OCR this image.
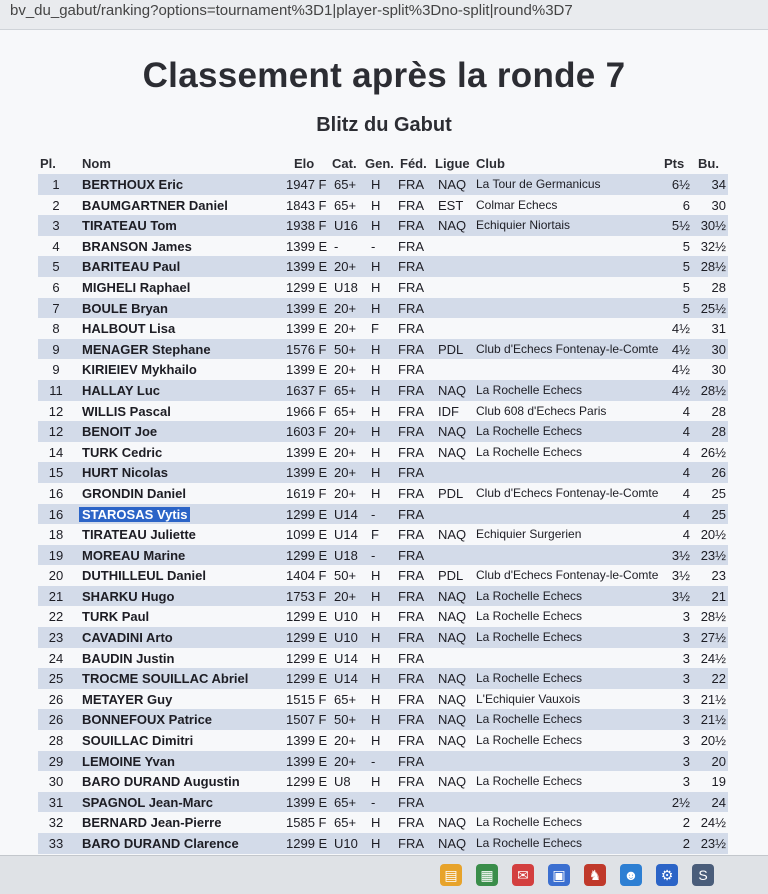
bv_du_gabut/ranking?options=tournament%3D1|player-split%3Dno-split|round%3D7
Classement après la ronde 7
Blitz du Gabut
Pl. Nom	Elo Cat. Gen. Féd. Ligue Club	Pts Bu.
1	BERTHOUX Eric	1947 F 65+ H FRA NAQ La Tour de Germanicus	6½	34
2	BAUMGARTNER Daniel	1843 F 65+ H FRA EST Colmar Echecs	6	30
3	TIRATEAU Tom	1938 F U16 H FRA NAQ Echiquier Niortais	5½ 30½
4	BRANSON James	1399 E -	- FRA	5 32½
5	BARITEAU Paul	1399 E 20+ H FRA	5 28½
6	MIGHELI Raphael	1299 E U18 H FRA	5	28
7	BOULE Bryan	1399 E 20+ H FRA	5 25½
8	HALBOUT Lisa	1399 E 20+ F FRA	4½	31
9	MENAGER Stephane	1576 F 50+ H FRA PDL Club d'Echecs Fontenay-le-Comte	4½	30
9	KIRIEIEV Mykhailo	1399 E 20+ H FRA	4½	30
11	HALLAY Luc	1637 F 65+ H FRA NAQ La Rochelle Echecs	4½ 28½
12	WILLIS Pascal	1966 F 65+ H FRA IDF Club 608 d'Echecs Paris	4	28
12	BENOIT Joe	1603 F 20+ H FRA NAQ La Rochelle Echecs	4	28
14	TURK Cedric	1399 E 20+ H FRA NAQ La Rochelle Echecs	4 26½
15	HURT Nicolas	1399 E 20+ H FRA	4	26
16	GRONDIN Daniel	1619 F 20+ H FRA PDL Club d'Echecs Fontenay-le-Comte	4	25
16	STAROSAS Vytis	1299 E U14 - FRA	4	25
18	TIRATEAU Juliette	1099 E U14 F FRA NAQ Echiquier Surgerien	4 20½
19	MOREAU Marine	1299 E U18 - FRA	3½ 23½
20	DUTHILLEUL Daniel	1404 F 50+ H FRA PDL Club d'Echecs Fontenay-le-Comte	3½	23
21	SHARKU Hugo	1753 F 20+ H FRA NAQ La Rochelle Echecs	3½	21
22	TURK Paul	1299 E U10 H FRA NAQ La Rochelle Echecs	3 28½
23	CAVADINI Arto	1299 E U10 H FRA NAQ La Rochelle Echecs	3 27½
24	BAUDIN Justin	1299 E U14 H FRA	3 24½
25	TROCME SOUILLAC Abriel	1299 E U14 H FRA NAQ La Rochelle Echecs	3	22
26	METAYER Guy	1515 F 65+ H FRA NAQ L'Echiquier Vauxois	3 21½
26	BONNEFOUX Patrice	1507 F 50+ H FRA NAQ La Rochelle Echecs	3 21½
28	SOUILLAC Dimitri	1399 E 20+ H FRA NAQ La Rochelle Echecs	3 20½
29	LEMOINE Yvan	1399 E 20+ - FRA	3	20
30	BARO DURAND Augustin	1299 E U8 H FRA NAQ La Rochelle Echecs	3	19
31	SPAGNOL Jean-Marc	1399 E 65+ - FRA	2½	24
32	BERNARD Jean-Pierre	1585 F 65+ H FRA NAQ La Rochelle Echecs	2 24½
33	BARO DURAND Clarence	1299 E U10 H FRA NAQ La Rochelle Echecs	2 23½
▤	▦	✉	▣	♞	☻	⚙	S
